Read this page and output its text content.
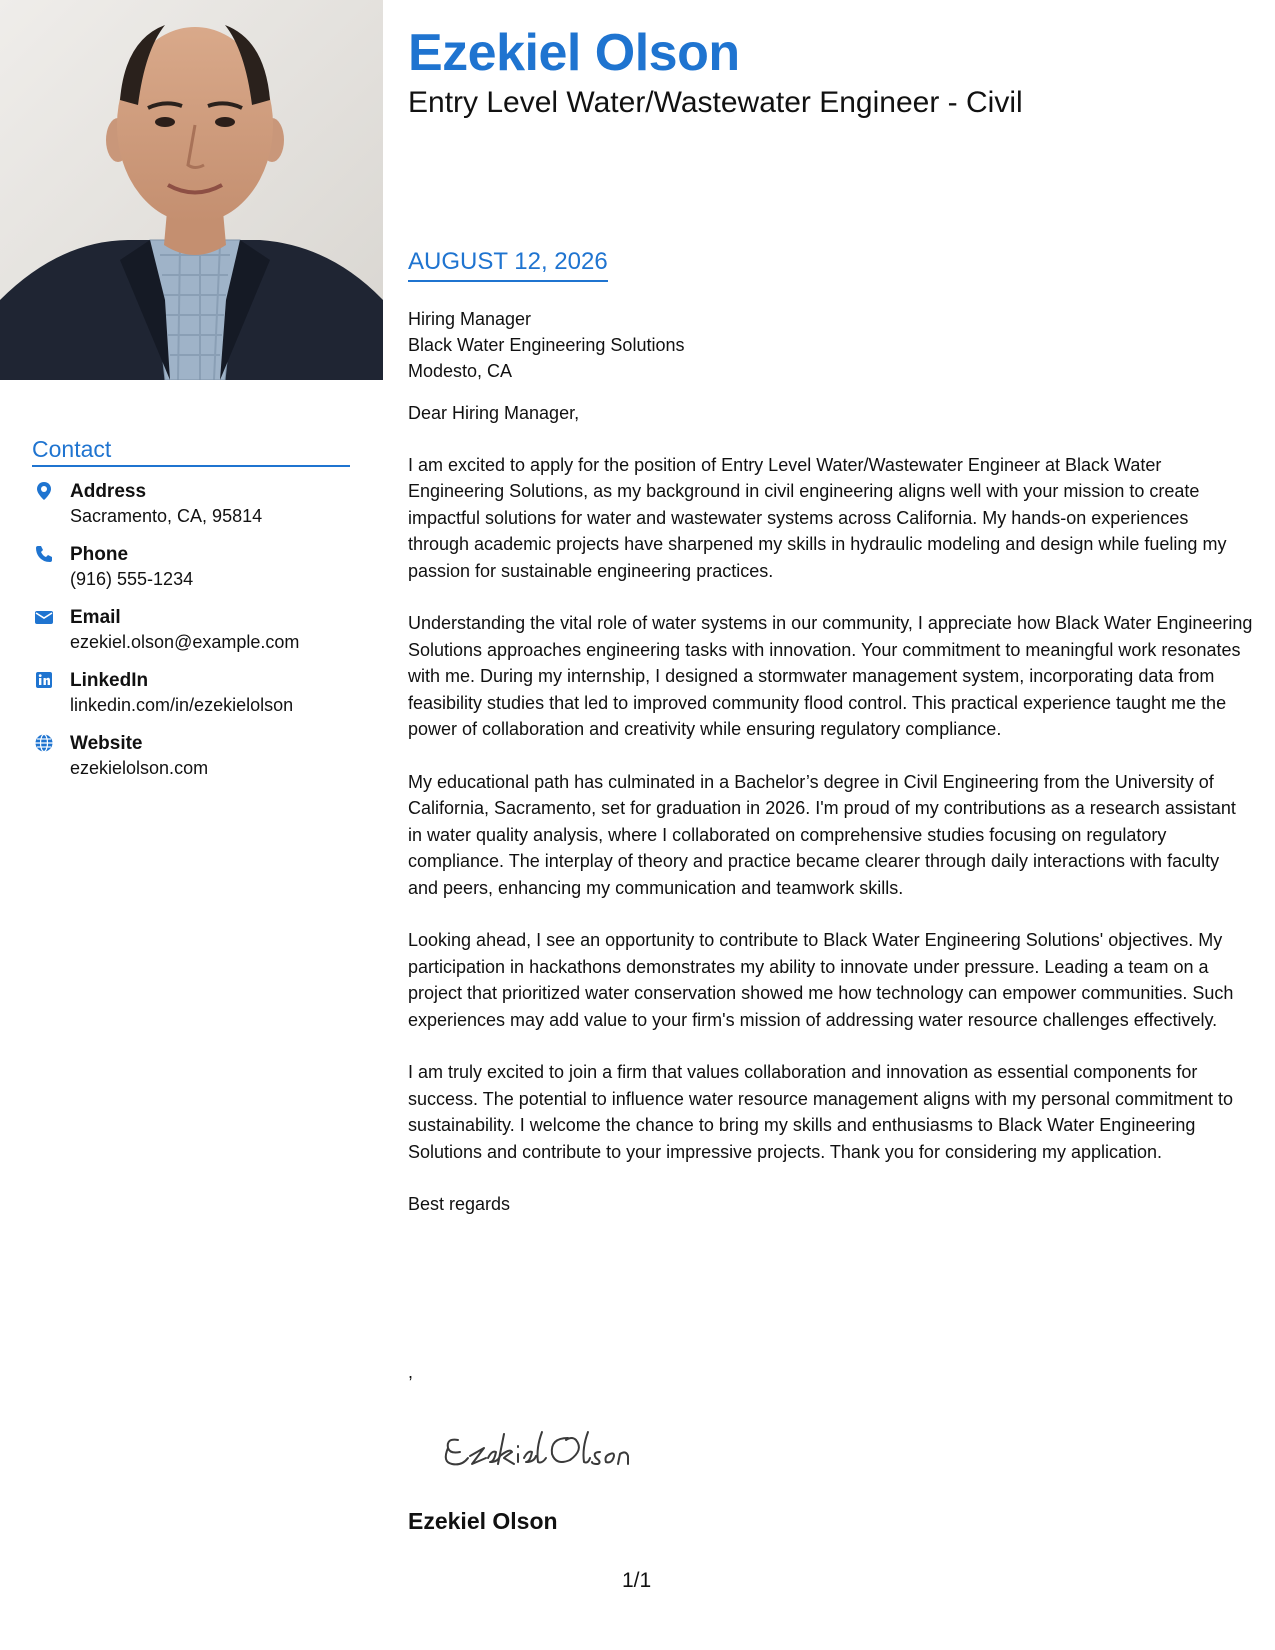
Contact
Address
Sacramento, CA, 95814
Phone
(916) 555-1234
Email
ezekiel.olson@example.com
LinkedIn
linkedin.com/in/ezekielolson
Website
ezekielolson.com
Ezekiel Olson
Entry Level Water/Wastewater Engineer - Civil
AUGUST 12, 2026
Hiring Manager
Black Water Engineering Solutions
Modesto, CA

Dear Hiring Manager,

I am excited to apply for the position of Entry Level Water/Wastewater Engineer at Black Water Engineering Solutions, as my background in civil engineering aligns well with your mission to create impactful solutions for water and wastewater systems across California. My hands-on experiences through academic projects have sharpened my skills in hydraulic modeling and design while fueling my passion for sustainable engineering practices.

Understanding the vital role of water systems in our community, I appreciate how Black Water Engineering Solutions approaches engineering tasks with innovation. Your commitment to meaningful work resonates with me. During my internship, I designed a stormwater management system, incorporating data from feasibility studies that led to improved community flood control. This practical experience taught me the power of collaboration and creativity while ensuring regulatory compliance.

My educational path has culminated in a Bachelor’s degree in Civil Engineering from the University of California, Sacramento, set for graduation in 2026. I'm proud of my contributions as a research assistant in water quality analysis, where I collaborated on comprehensive studies focusing on regulatory compliance. The interplay of theory and practice became clearer through daily interactions with faculty and peers, enhancing my communication and teamwork skills.

Looking ahead, I see an opportunity to contribute to Black Water Engineering Solutions' objectives. My participation in hackathons demonstrates my ability to innovate under pressure. Leading a team on a project that prioritized water conservation showed me how technology can empower communities. Such experiences may add value to your firm's mission of addressing water resource challenges effectively.

I am truly excited to join a firm that values collaboration and innovation as essential components for success. The potential to influence water resource management aligns with my personal commitment to sustainability. I welcome the chance to bring my skills and enthusiasms to Black Water Engineering Solutions and contribute to your impressive projects. Thank you for considering my application.

Best regards

,
Ezekiel Olson
1/1
